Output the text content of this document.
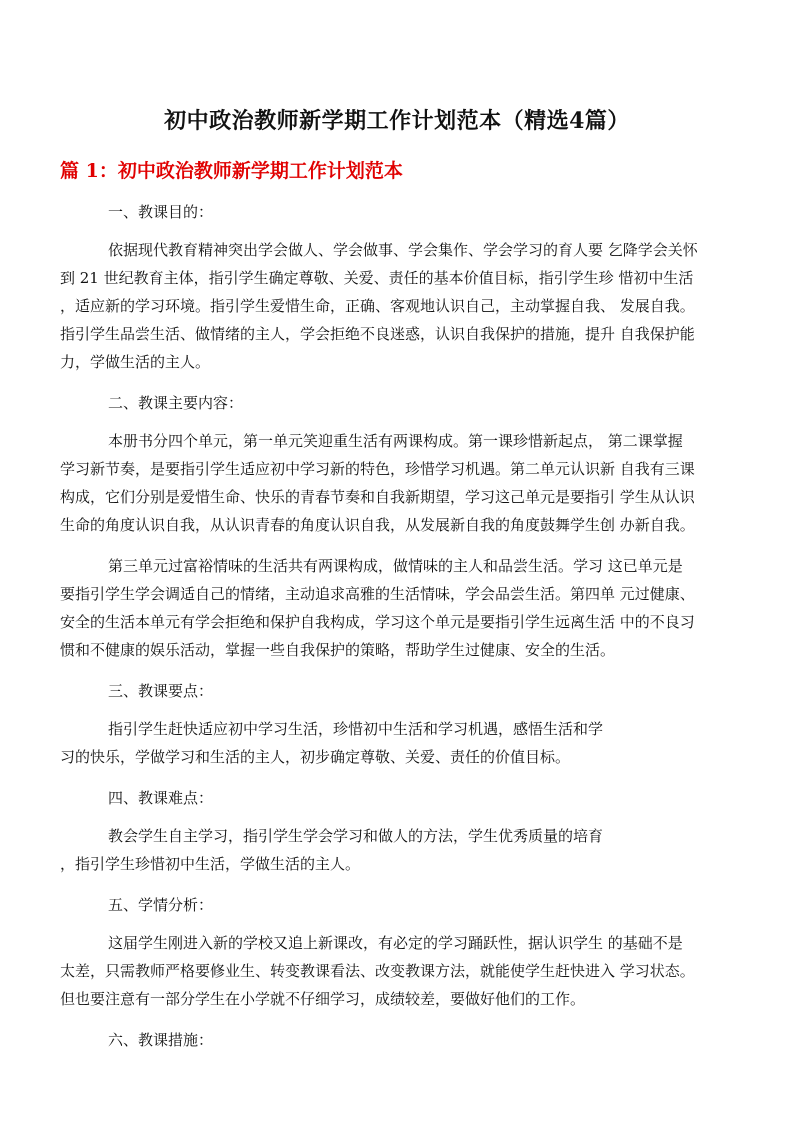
初中政治教师新学期工作计划范本（精选4篇）
篇 1：初中政治教师新学期工作计划范本

一、教课目的：

依据现代教育精神突出学会做人、学会做事、学会集作、学会学习的育人要 乞降学会关怀
到 21 世纪教育主体，指引学生确定尊敬、关爱、责任的基本价值目标，指引学生珍 惜初中生活
，适应新的学习环境。指引学生爱惜生命，正确、客观地认识自己，主动掌握自我、 发展自我。
指引学生品尝生活、做情绪的主人，学会拒绝不良迷惑，认识自我保护的措施，提升 自我保护能
力，学做生活的主人。

二、教课主要内容：

本册书分四个单元，第一单元笑迎重生活有两课构成。第一课珍惜新起点， 第二课掌握
学习新节奏，是要指引学生适应初中学习新的特色，珍惜学习机遇。第二单元认识新 自我有三课
构成，它们分别是爱惜生命、快乐的青春节奏和自我新期望，学习这己单元是要指引 学生从认识
生命的角度认识自我，从认识青春的角度认识自我，从发展新自我的角度鼓舞学生创 办新自我。
第三单元过富裕情味的生活共有两课构成，做情味的主人和品尝生活。学习 这已单元是
要指引学生学会调适自己的情绪，主动追求高雅的生活情味，学会品尝生活。第四单 元过健康、
安全的生活本单元有学会拒绝和保护自我构成，学习这个单元是要指引学生远离生活 中的不良习
惯和不健康的娱乐活动，掌握一些自我保护的策略，帮助学生过健康、安全的生活。

三、教课要点：

指引学生赶快适应初中学习生活，珍惜初中生活和学习机遇，感悟生活和学
习的快乐，学做学习和生活的主人，初步确定尊敬、关爱、责任的价值目标。

四、教课难点：

教会学生自主学习，指引学生学会学习和做人的方法，学生优秀质量的培育
，指引学生珍惜初中生活，学做生活的主人。

五、学情分析：

这届学生刚进入新的学校又追上新课改，有必定的学习踊跃性，据认识学生 的基础不是
太差，只需教师严格要修业生、转变教课看法、改变教课方法，就能使学生赶快进入 学习状态。
但也要注意有一部分学生在小学就不仔细学习，成绩较差，要做好他们的工作。

六、教课措施：
